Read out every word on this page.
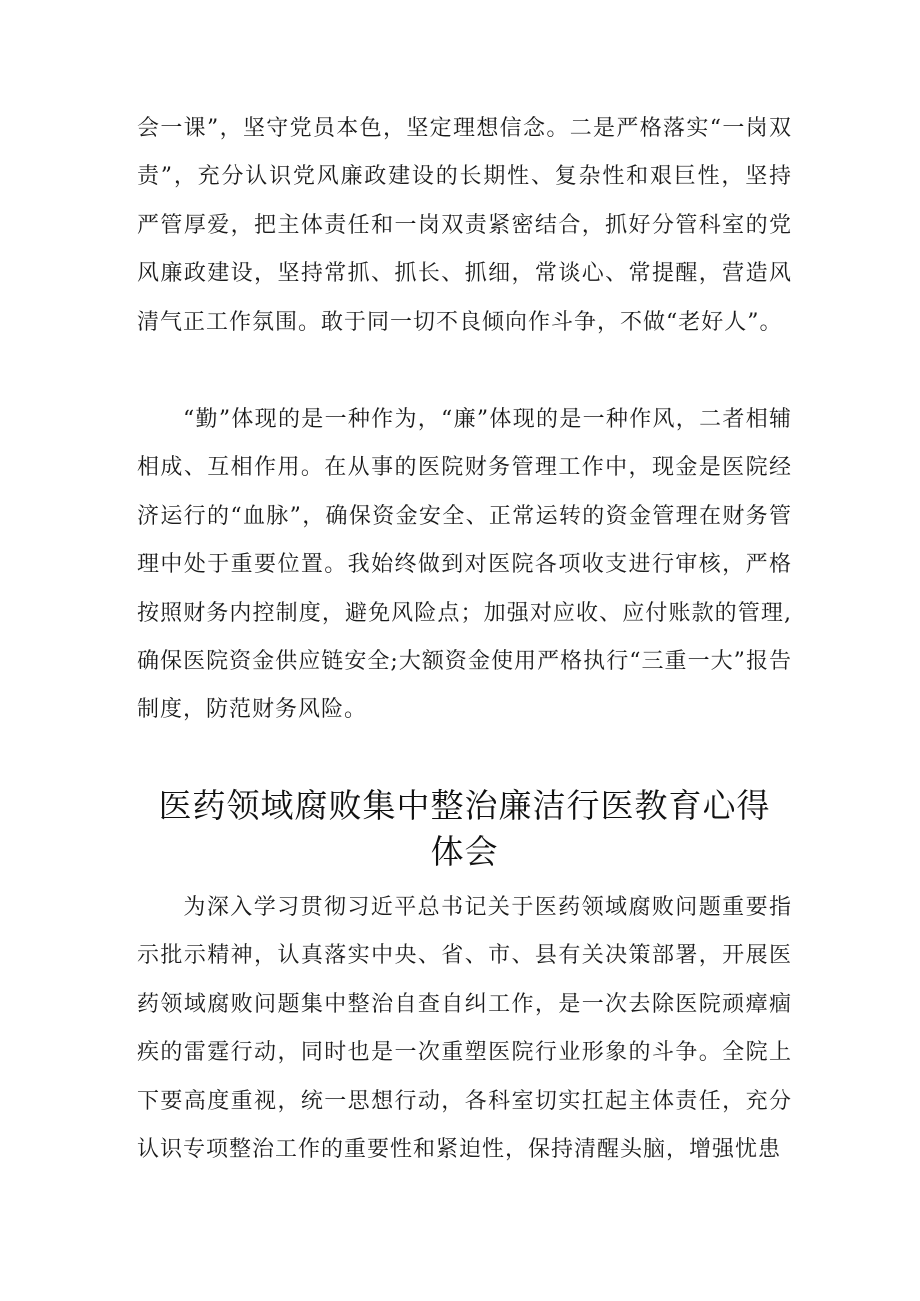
会一课”，坚守党员本色，坚定理想信念。二是严格落实“一岗双责”，充分认识党风廉政建设的长期性、复杂性和艰巨性，坚持严管厚爱，把主体责任和一岗双责紧密结合，抓好分管科室的党风廉政建设，坚持常抓、抓长、抓细，常谈心、常提醒，营造风清气正工作氛围。敢于同一切不良倾向作斗争，不做“老好人”。

“勤”体现的是一种作为，“廉”体现的是一种作风，二者相辅相成、互相作用。在从事的医院财务管理工作中，现金是医院经济运行的“血脉”，确保资金安全、正常运转的资金管理在财务管理中处于重要位置。我始终做到对医院各项收支进行审核，严格按照财务内控制度，避免风险点；加强对应收、应付账款的管理,确保医院资金供应链安全;大额资金使用严格执行“三重一大”报告制度，防范财务风险。

医药领域腐败集中整治廉洁行医教育心得
体会

为深入学习贯彻习近平总书记关于医药领域腐败问题重要指示批示精神，认真落实中央、省、市、县有关决策部署，开展医药领域腐败问题集中整治自查自纠工作，是一次去除医院顽瘴痼疾的雷霆行动，同时也是一次重塑医院行业形象的斗争。全院上下要高度重视，统一思想行动，各科室切实扛起主体责任，充分认识专项整治工作的重要性和紧迫性，保持清醒头脑，增强忧患
